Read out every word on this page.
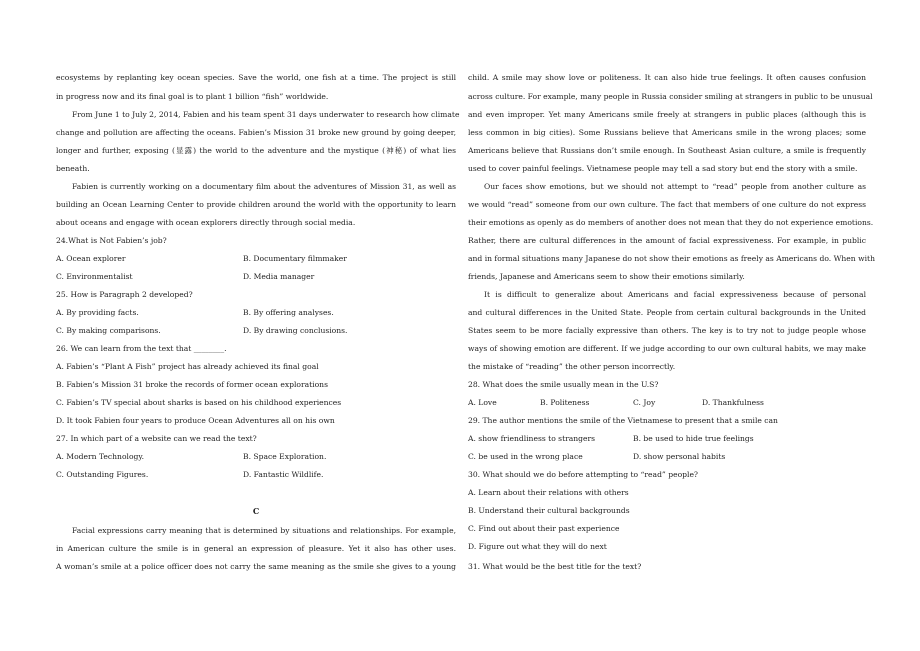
ecosystems by replanting key ocean species. Save the world, one fish at a time. The project is still
in progress now and its final goal is to plant 1 billion “fish” worldwide.
From June 1 to July 2, 2014, Fabien and his team spent 31 days underwater to research how climate
change and pollution are affecting the oceans. Fabien’s Mission 31 broke new ground by going deeper,
longer and further, exposing (显露) the world to the adventure and the mystique (神秘) of what lies
beneath.
Fabien is currently working on a documentary film about the adventures of Mission 31, as well as
building an Ocean Learning Center to provide children around the world with the opportunity to learn
about oceans and engage with ocean explorers directly through social media.
24.What is Not Fabien’s job?
A. Ocean explorer	B. Documentary filmmaker
C. Environmentalist	D. Media manager
25. How is Paragraph 2 developed?
A. By providing facts.	B. By offering analyses.
C. By making comparisons.	D. By drawing conclusions.
26. We can learn from the text that ________.
A. Fabien’s “Plant A Fish” project has already achieved its final goal
B. Fabien’s Mission 31 broke the records of former ocean explorations
C. Fabien’s TV special about sharks is based on his childhood experiences
D. It took Fabien four years to produce Ocean Adventures all on his own
27. In which part of a website can we read the text?
A. Modern Technology.	B. Space Exploration.
C. Outstanding Figures.	D. Fantastic Wildlife.
C
Facial expressions carry meaning that is determined by situations and relationships. For example,
in American culture the smile is in general an expression of pleasure. Yet it also has other uses.
A woman’s smile at a police officer does not carry the same meaning as the smile she gives to a young
child. A smile may show love or politeness. It can also hide true feelings. It often causes confusion
across culture. For example, many people in Russia consider smiling at strangers in public to be unusual
and even improper. Yet many Americans smile freely at strangers in public places (although this is
less common in big cities). Some Russians believe that Americans smile in the wrong places; some
Americans believe that Russians don’t smile enough. In Southeast Asian culture, a smile is frequently
used to cover painful feelings. Vietnamese people may tell a sad story but end the story with a smile.
Our faces show emotions, but we should not attempt to “read” people from another culture as
we would “read” someone from our own culture. The fact that members of one culture do not express
their emotions as openly as do members of another does not mean that they do not experience emotions.
Rather, there are cultural differences in the amount of facial expressiveness. For example, in public
and in formal situations many Japanese do not show their emotions as freely as Americans do. When with
friends, Japanese and Americans seem to show their emotions similarly.
It is difficult to generalize about Americans and facial expressiveness because of personal
and cultural differences in the United State. People from certain cultural backgrounds in the United
States seem to be more facially expressive than others. The key is to try not to judge people whose
ways of showing emotion are different. If we judge according to our own cultural habits, we may make
the mistake of “reading” the other person incorrectly.
28. What does the smile usually mean in the U.S?
A. Love	B. Politeness	C. Joy	D. Thankfulness
29. The author mentions the smile of the Vietnamese to present that a smile can
A. show friendliness to strangers	B. be used to hide true feelings
C. be used in the wrong place	D. show personal habits
30. What should we do before attempting to “read” people?
A. Learn about their relations with others
B. Understand their cultural backgrounds
C. Find out about their past experience
D. Figure out what they will do next
31. What would be the best title for the text?
